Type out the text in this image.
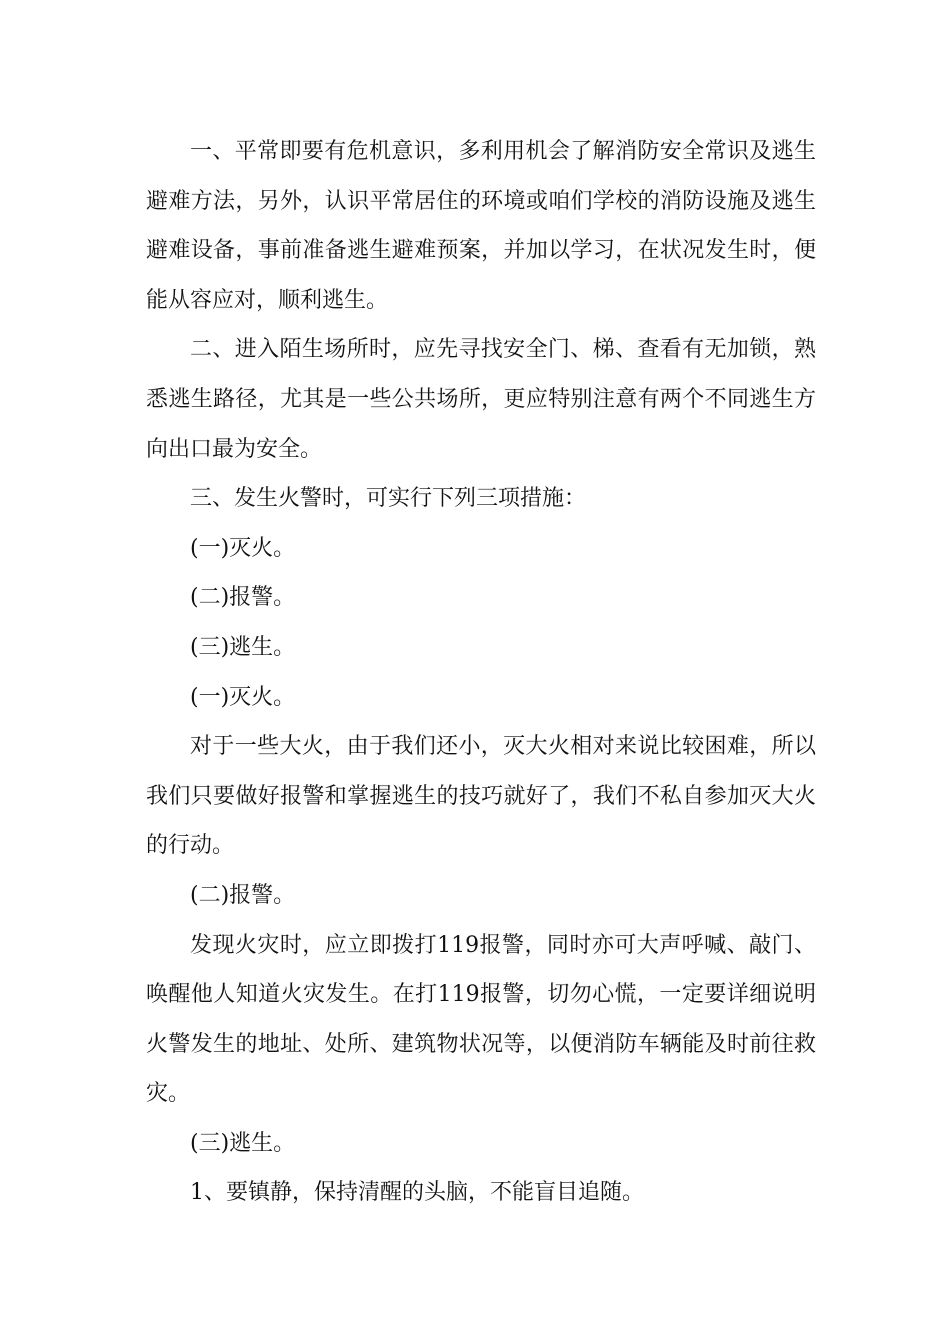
一、平常即要有危机意识，多利用机会了解消防安全常识及逃生避难方法，另外，认识平常居住的环境或咱们学校的消防设施及逃生避难设备，事前准备逃生避难预案，并加以学习，在状况发生时，便能从容应对，顺利逃生。

二、进入陌生场所时，应先寻找安全门、梯、查看有无加锁，熟悉逃生路径，尤其是一些公共场所，更应特别注意有两个不同逃生方向出口最为安全。

三、发生火警时，可实行下列三项措施：

(一)灭火。

(二)报警。

(三)逃生。

(一)灭火。

对于一些大火，由于我们还小，灭大火相对来说比较困难，所以我们只要做好报警和掌握逃生的技巧就好了，我们不私自参加灭大火的行动。

(二)报警。

发现火灾时，应立即拨打119报警，同时亦可大声呼喊、敲门、唤醒他人知道火灾发生。在打119报警，切勿心慌，一定要详细说明火警发生的地址、处所、建筑物状况等，以便消防车辆能及时前往救灾。

(三)逃生。

1、要镇静，保持清醒的头脑，不能盲目追随。
